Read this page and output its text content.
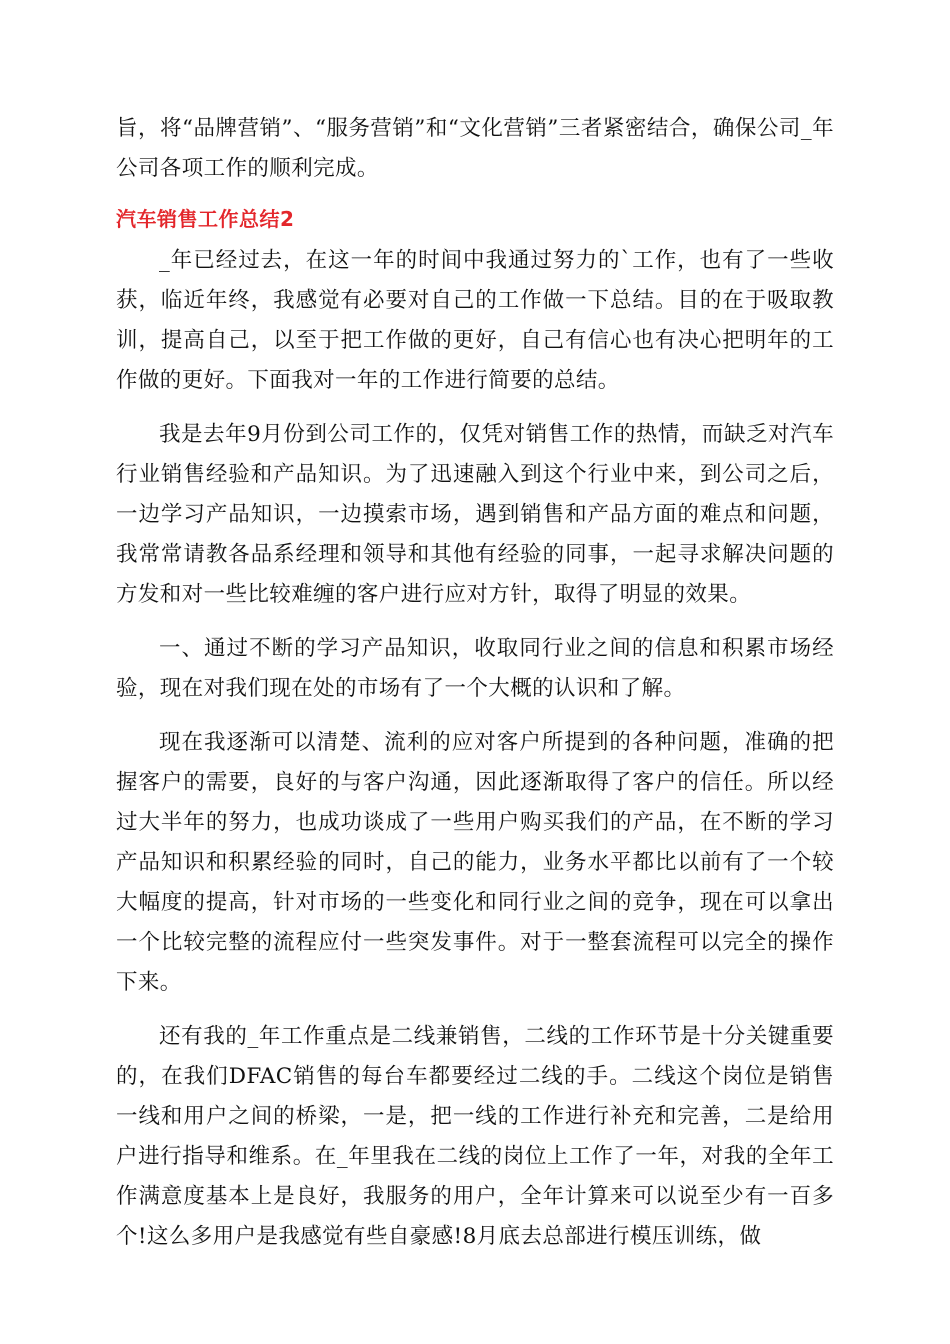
旨，将“品牌营销”、“服务营销”和“文化营销”三者紧密结合，确保公司_年公司各项工作的顺利完成。

汽车销售工作总结2

_年已经过去，在这一年的时间中我通过努力的`工作，也有了一些收获，临近年终，我感觉有必要对自己的工作做一下总结。目的在于吸取教训，提高自己，以至于把工作做的更好，自己有信心也有决心把明年的工作做的更好。下面我对一年的工作进行简要的总结。

我是去年9月份到公司工作的，仅凭对销售工作的热情，而缺乏对汽车行业销售经验和产品知识。为了迅速融入到这个行业中来，到公司之后，一边学习产品知识，一边摸索市场，遇到销售和产品方面的难点和问题，我常常请教各品系经理和领导和其他有经验的同事，一起寻求解决问题的方发和对一些比较难缠的客户进行应对方针，取得了明显的效果。

一、通过不断的学习产品知识，收取同行业之间的信息和积累市场经验，现在对我们现在处的市场有了一个大概的认识和了解。

现在我逐渐可以清楚、流利的应对客户所提到的各种问题，准确的把握客户的需要，良好的与客户沟通，因此逐渐取得了客户的信任。所以经过大半年的努力，也成功谈成了一些用户购买我们的产品，在不断的学习产品知识和积累经验的同时，自己的能力，业务水平都比以前有了一个较大幅度的提高，针对市场的一些变化和同行业之间的竞争，现在可以拿出一个比较完整的流程应付一些突发事件。对于一整套流程可以完全的操作下来。

还有我的_年工作重点是二线兼销售，二线的工作环节是十分关键重要的，在我们DFAC销售的每台车都要经过二线的手。二线这个岗位是销售一线和用户之间的桥梁，一是，把一线的工作进行补充和完善，二是给用户进行指导和维系。在_年里我在二线的岗位上工作了一年，对我的全年工作满意度基本上是良好，我服务的用户，全年计算来可以说至少有一百多个!这么多用户是我感觉有些自豪感!8月底去总部进行模压训练，做
